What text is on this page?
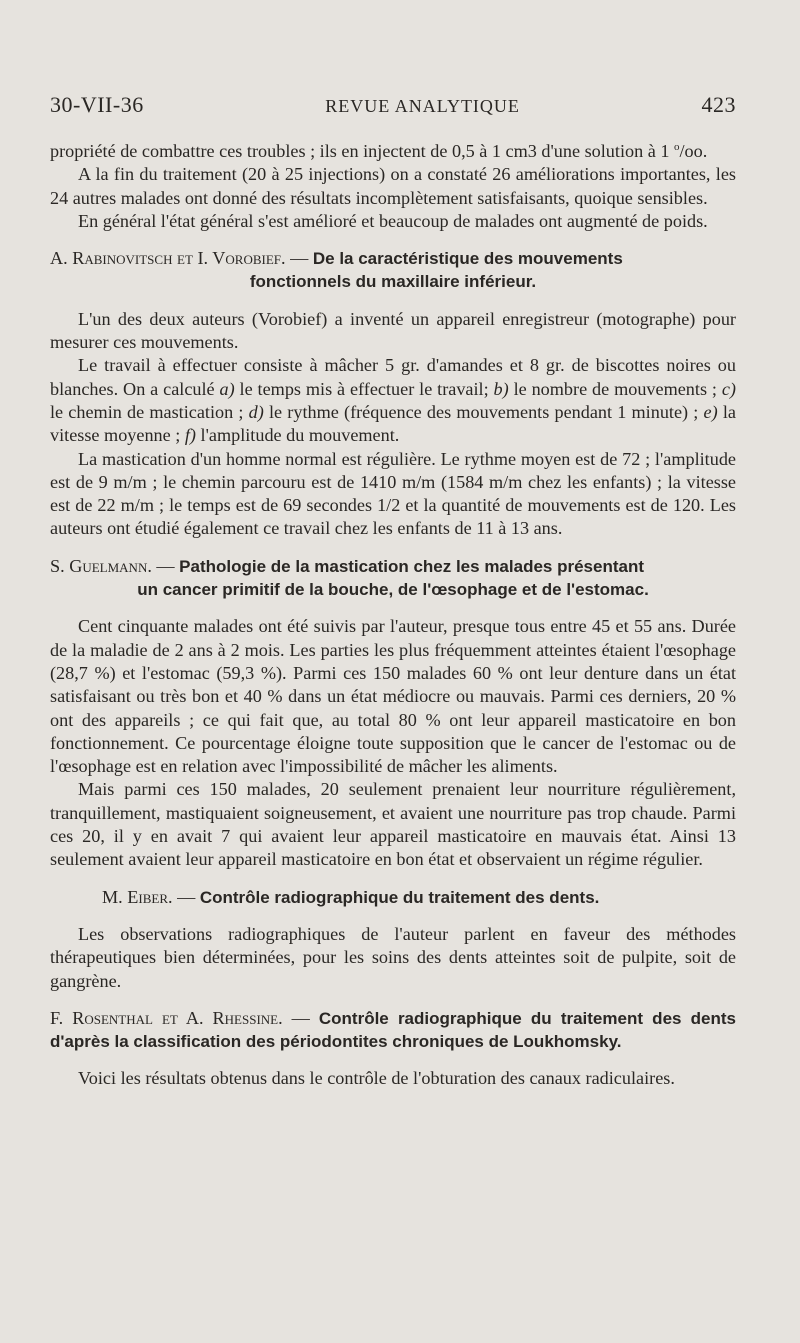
30-VII-36	REVUE ANALYTIQUE	423

propriété de combattre ces troubles ; ils en injectent de 0,5 à 1 cm3 d'une solution à 1 $^o$/oo.

A la fin du traitement (20 à 25 injections) on a constaté 26 améliorations importantes, les 24 autres malades ont donné des résultats incomplètement satisfaisants, quoique sensibles.

En général l'état général s'est amélioré et beaucoup de malades ont augmenté de poids.

A. Rabinovitsch et I. Vorobief. — De la caractéristique des mouvements
fonctionnels du maxillaire inférieur.

L'un des deux auteurs (Vorobief) a inventé un appareil enregistreur (motographe) pour mesurer ces mouvements.

Le travail à effectuer consiste à mâcher 5 gr. d'amandes et 8 gr. de biscottes noires ou blanches. On a calculé a) le temps mis à effectuer le travail; b) le nombre de mouvements ; c) le chemin de mastication ; d) le rythme (fréquence des mouvements pendant 1 minute) ; e) la vitesse moyenne ; f) l'amplitude du mouvement.

La mastication d'un homme normal est régulière. Le rythme moyen est de 72 ; l'amplitude est de 9 m/m ; le chemin parcouru est de 1410 m/m (1584 m/m chez les enfants) ; la vitesse est de 22 m/m ; le temps est de 69 secondes 1/2 et la quantité de mouvements est de 120. Les auteurs ont étudié également ce travail chez les enfants de 11 à 13 ans.

S. Guelmann. — Pathologie de la mastication chez les malades présentant
un cancer primitif de la bouche, de l'œsophage et de l'estomac.

Cent cinquante malades ont été suivis par l'auteur, presque tous entre 45 et 55 ans. Durée de la maladie de 2 ans à 2 mois. Les parties les plus fréquemment atteintes étaient l'œsophage (28,7 %) et l'estomac (59,3 %). Parmi ces 150 malades 60 % ont leur denture dans un état satisfaisant ou très bon et 40 % dans un état médiocre ou mauvais. Parmi ces derniers, 20 % ont des appareils ; ce qui fait que, au total 80 % ont leur appareil masticatoire en bon fonctionnement. Ce pourcentage éloigne toute supposition que le cancer de l'estomac ou de l'œsophage est en relation avec l'impossibilité de mâcher les aliments.

Mais parmi ces 150 malades, 20 seulement prenaient leur nourriture régulièrement, tranquillement, mastiquaient soigneusement, et avaient une nourriture pas trop chaude. Parmi ces 20, il y en avait 7 qui avaient leur appareil masticatoire en mauvais état. Ainsi 13 seulement avaient leur appareil masticatoire en bon état et observaient un régime régulier.

M. Eiber. — Contrôle radiographique du traitement des dents.

Les observations radiographiques de l'auteur parlent en faveur des méthodes thérapeutiques bien déterminées, pour les soins des dents atteintes soit de pulpite, soit de gangrène.

F. Rosenthal et A. Rhessine. — Contrôle radiographique du traitement des dents d'après la classification des périodontites chroniques de Loukhomsky.

Voici les résultats obtenus dans le contrôle de l'obturation des canaux radiculaires.
